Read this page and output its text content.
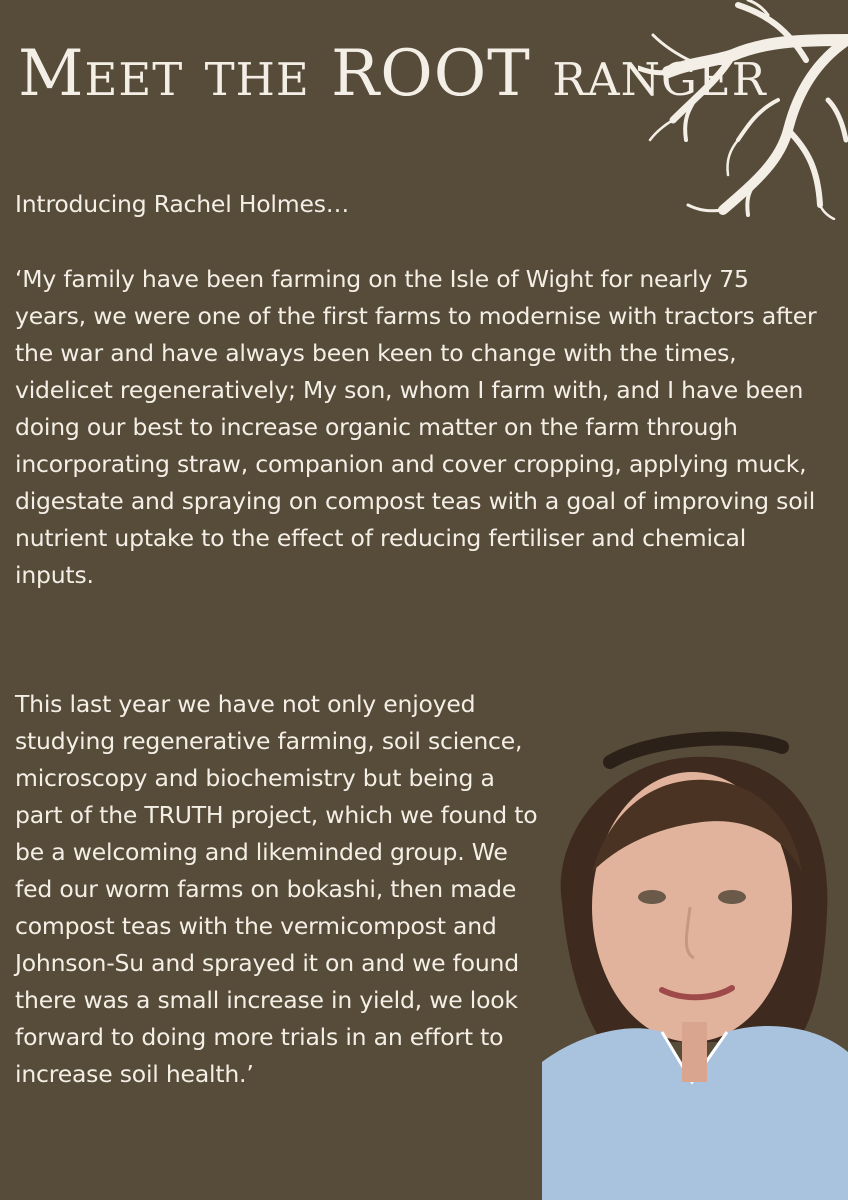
Meet the ROOT ranger

Introducing Rachel Holmes…

‘My family have been farming on the Isle of Wight for nearly 75 years, we were one of the first farms to modernise with tractors after the war and have always been keen to change with the times, videlicet regeneratively; My son, whom I farm with, and I have been doing our best to increase organic matter on the farm through incorporating straw, companion and cover cropping, applying muck, digestate and spraying on compost teas with a goal of improving soil nutrient uptake to the effect of reducing fertiliser and chemical inputs.

This last year we have not only enjoyed studying regenerative farming, soil science, microscopy and biochemistry but being a part of the TRUTH project, which we found to be a welcoming and likeminded group. We fed our worm farms on bokashi, then made compost teas with the vermicompost and Johnson-Su and sprayed it on and we found there was a small increase in yield, we look forward to doing more trials in an effort to increase soil health.’
